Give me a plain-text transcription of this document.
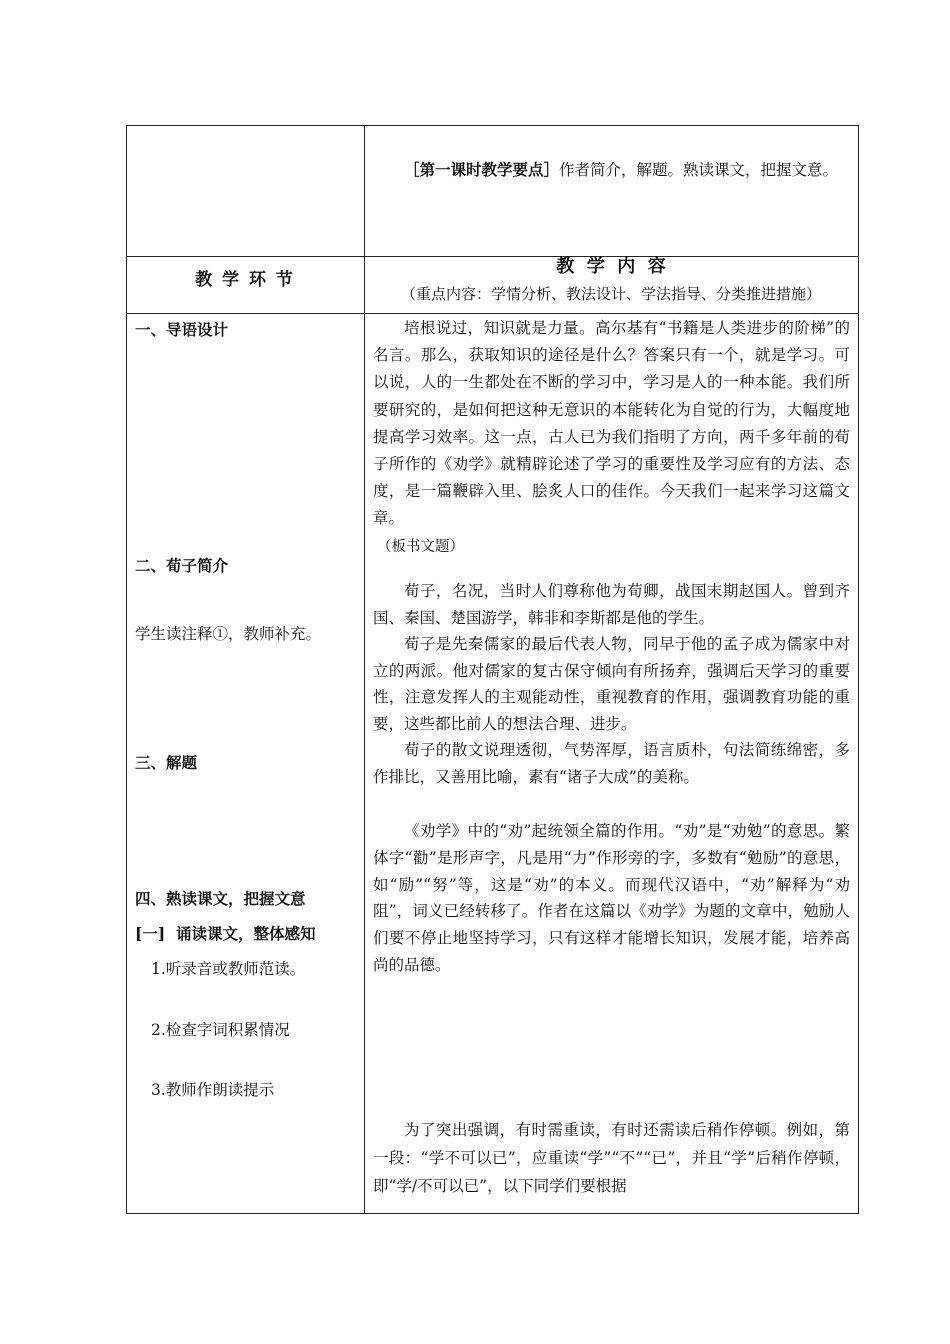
［第一课时教学要点］作者简介，解题。熟读课文，把握文意。

教 学 环 节
教  学  内  容
（重点内容：学情分析、教法设计、学法指导、分类推进措施）
一、导语设计
二、荀子简介
学生读注释①，教师补充。
三、解题
四、熟读课文，把握文意
[一]  诵读课文，整体感知
1.听录音或教师范读。
2.检查字词积累情况
3.教师作朗读提示

培根说过，知识就是力量。高尔基有“书籍是人类进步的阶梯”的名言。那么，获取知识的途径是什么？答案只有一个，就是学习。可以说，人的一生都处在不断的学习中，学习是人的一种本能。我们所要研究的，是如何把这种无意识的本能转化为自觉的行为，大幅度地提高学习效率。这一点，古人已为我们指明了方向，两千多年前的荀子所作的《劝学》就精辟论述了学习的重要性及学习应有的方法、态度，是一篇鞭辟入里、脍炙人口的佳作。今天我们一起来学习这篇文章。

（板书文题）

荀子，名况，当时人们尊称他为荀卿，战国末期赵国人。曾到齐国、秦国、楚国游学，韩非和李斯都是他的学生。

荀子是先秦儒家的最后代表人物，同早于他的孟子成为儒家中对立的两派。他对儒家的复古保守倾向有所扬弃，强调后天学习的重要性，注意发挥人的主观能动性，重视教育的作用，强调教育功能的重要，这些都比前人的想法合理、进步。

荀子的散文说理透彻，气势浑厚，语言质朴，句法简练绵密，多作排比，又善用比喻，素有“诸子大成”的美称。

《劝学》中的“劝”起统领全篇的作用。“劝”是“劝勉”的意思。繁体字“勸”是形声字，凡是用“力”作形旁的字，多数有“勉励”的意思，如“励”“努”等，这是“劝”的本义。而现代汉语中，“劝”解释为“劝阻”，词义已经转移了。作者在这篇以《劝学》为题的文章中，勉励人们要不停止地坚持学习，只有这样才能增长知识，发展才能，培养高尚的品德。

为了突出强调，有时需重读，有时还需读后稍作停顿。例如，第一段：“学不可以已”，应重读“学”“不”“已”，并且“学”后稍作停顿，即“学/不可以已”，以下同学们要根据
